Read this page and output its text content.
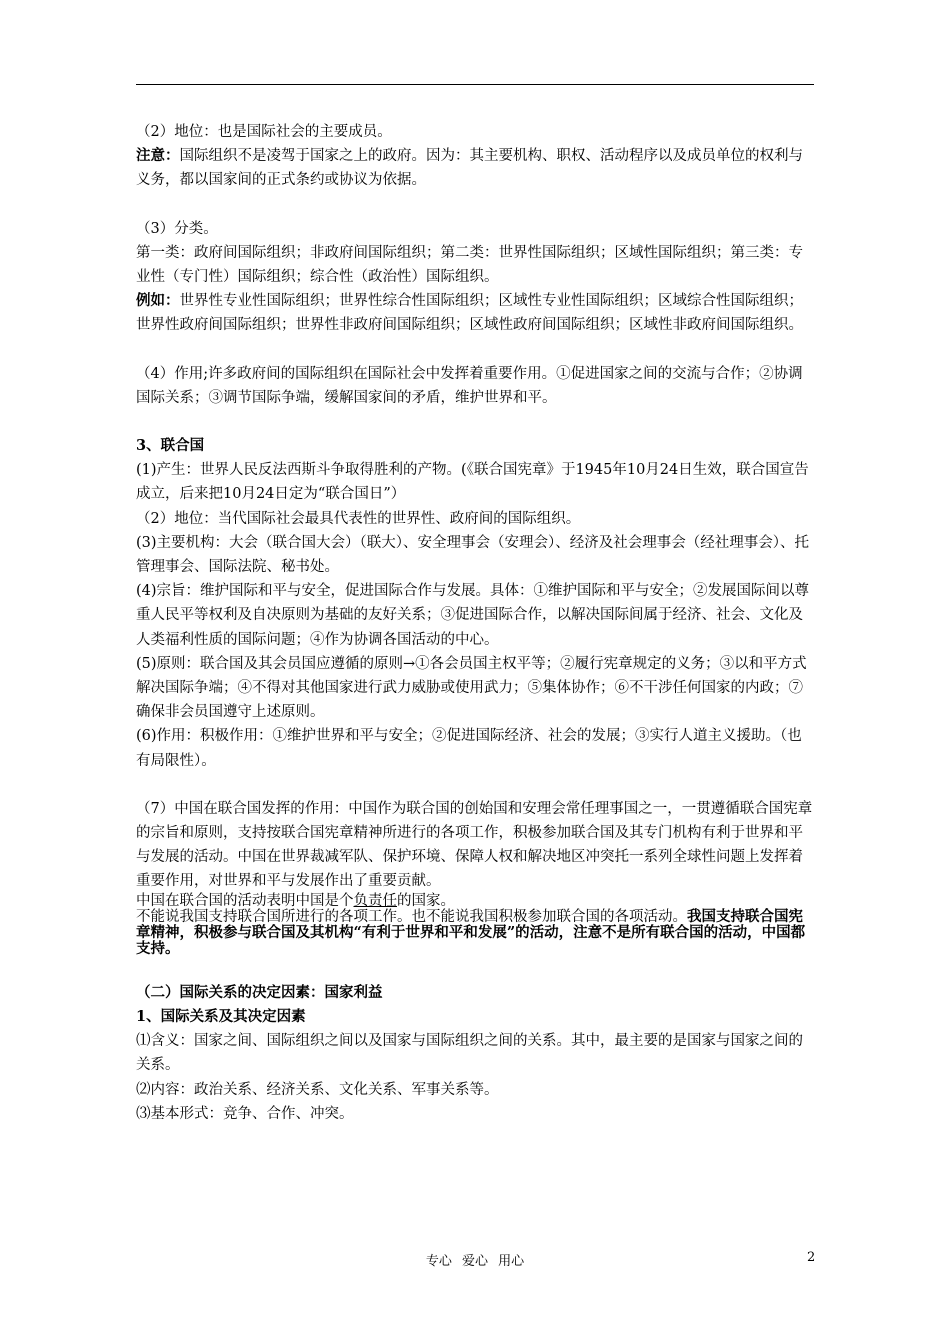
（2）地位：也是国际社会的主要成员。

注意：国际组织不是凌驾于国家之上的政府。因为：其主要机构、职权、活动程序以及成员单位的权利与义务，都以国家间的正式条约或协议为依据。

（3）分类。

第一类：政府间国际组织；非政府间国际组织；第二类：世界性国际组织；区域性国际组织；第三类：专业性（专门性）国际组织；综合性（政治性）国际组织。

例如：世界性专业性国际组织；世界性综合性国际组织；区域性专业性国际组织；区域综合性国际组织；世界性政府间国际组织；世界性非政府间国际组织；区域性政府间国际组织；区域性非政府间国际组织。

（4）作用;许多政府间的国际组织在国际社会中发挥着重要作用。①促进国家之间的交流与合作；②协调国际关系；③调节国际争端，缓解国家间的矛盾，维护世界和平。

3、联合国

(1)产生：世界人民反法西斯斗争取得胜利的产物。(《联合国宪章》于1945年10月24日生效，联合国宣告成立，后来把10月24日定为“联合国日”）

（2）地位：当代国际社会最具代表性的世界性、政府间的国际组织。

(3)主要机构：大会（联合国大会）（联大）、安全理事会（安理会）、经济及社会理事会（经社理事会）、托管理事会、国际法院、秘书处。

(4)宗旨：维护国际和平与安全，促进国际合作与发展。具体：①维护国际和平与安全；②发展国际间以尊重人民平等权利及自决原则为基础的友好关系；③促进国际合作，以解决国际间属于经济、社会、文化及人类福利性质的国际问题；④作为协调各国活动的中心。

(5)原则：联合国及其会员国应遵循的原则→①各会员国主权平等；②履行宪章规定的义务；③以和平方式解决国际争端；④不得对其他国家进行武力威胁或使用武力；⑤集体协作；⑥不干涉任何国家的内政；⑦确保非会员国遵守上述原则。

(6)作用：积极作用：①维护世界和平与安全；②促进国际经济、社会的发展；③实行人道主义援助。（也有局限性）。

（7）中国在联合国发挥的作用：中国作为联合国的创始国和安理会常任理事国之一，一贯遵循联合国宪章的宗旨和原则，支持按联合国宪章精神所进行的各项工作，积极参加联合国及其专门机构有利于世界和平与发展的活动。中国在世界裁减军队、保护环境、保障人权和解决地区冲突托一系列全球性问题上发挥着重要作用，对世界和平与发展作出了重要贡献。

中国在联合国的活动表明中国是个负责任的国家。

不能说我国支持联合国所进行的各项工作。也不能说我国积极参加联合国的各项活动。我国支持联合国宪章精神，积极参与联合国及其机构“有利于世界和平和发展”的活动，注意不是所有联合国的活动，中国都支持。

（二）国际关系的决定因素：国家利益

1、国际关系及其决定因素

⑴含义：国家之间、国际组织之间以及国家与国际组织之间的关系。其中，最主要的是国家与国家之间的关系。

⑵内容：政治关系、经济关系、文化关系、军事关系等。

⑶基本形式：竞争、合作、冲突。

专心 爱心 用心	2
